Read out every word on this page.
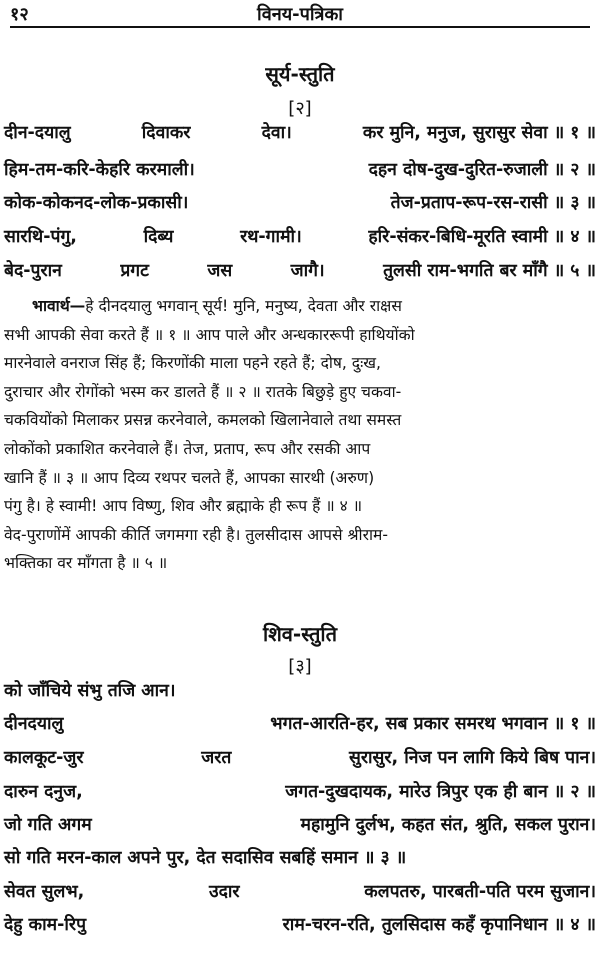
१२	विनय-पत्रिका
सूर्य-स्तुति
[२]
दीन-दयालु	दिवाकर	देवा।	कर मुनि, मनुज, सुरासुर सेवा ॥ १ ॥
हिम-तम-करि-केहरि करमाली।	दहन दोष-दुख-दुरित-रुजाली ॥ २ ॥
कोक-कोकनद-लोक-प्रकासी।	तेज-प्रताप-रूप-रस-रासी ॥ ३ ॥
सारथि-पंगु,	दिब्य	रथ-गामी।	हरि-संकर-बिधि-मूरति स्वामी ॥ ४ ॥
बेद-पुरान	प्रगट	जस	जागै।	तुलसी राम-भगति बर माँगै ॥ ५ ॥
भावार्थ—हे दीनदयालु भगवान् सूर्य! मुनि, मनुष्य, देवता और राक्षस
सभी आपकी सेवा करते हैं ॥ १ ॥ आप पाले और अन्धकाररूपी हाथियोंको
मारनेवाले वनराज सिंह हैं; किरणोंकी माला पहने रहते हैं; दोष, दुःख,
दुराचार और रोगोंको भस्म कर डालते हैं ॥ २ ॥ रातके बिछुड़े हुए चकवा-
चकवियोंको मिलाकर प्रसन्न करनेवाले, कमलको खिलानेवाले तथा समस्त
लोकोंको प्रकाशित करनेवाले हैं। तेज, प्रताप, रूप और रसकी आप
खानि हैं ॥ ३ ॥ आप दिव्य रथपर चलते हैं, आपका सारथी (अरुण)
पंगु है। हे स्वामी! आप विष्णु, शिव और ब्रह्माके ही रूप हैं ॥ ४ ॥
वेद-पुराणोंमें आपकी कीर्ति जगमगा रही है। तुलसीदास आपसे श्रीराम-
भक्तिका वर माँगता है ॥ ५ ॥
शिव-स्तुति
[३]
को जाँचिये संभु तजि आन।
दीनदयालु	भगत-आरति-हर, सब प्रकार समरथ भगवान ॥ १ ॥
कालकूट-जुर	जरत	सुरासुर, निज पन लागि किये बिष पान।
दारुन दनुज,	जगत-दुखदायक, मारेउ त्रिपुर एक ही बान ॥ २ ॥
जो गति अगम	महामुनि दुर्लभ, कहत संत, श्रुति, सकल पुरान।
सो गति मरन-काल अपने पुर, देत सदासिव सबहिं समान ॥ ३ ॥
सेवत सुलभ,	उदार	कलपतरु, पारबती-पति परम सुजान।
देहु काम-रिपु	राम-चरन-रति, तुलसिदास कहँ कृपानिधान ॥ ४ ॥
